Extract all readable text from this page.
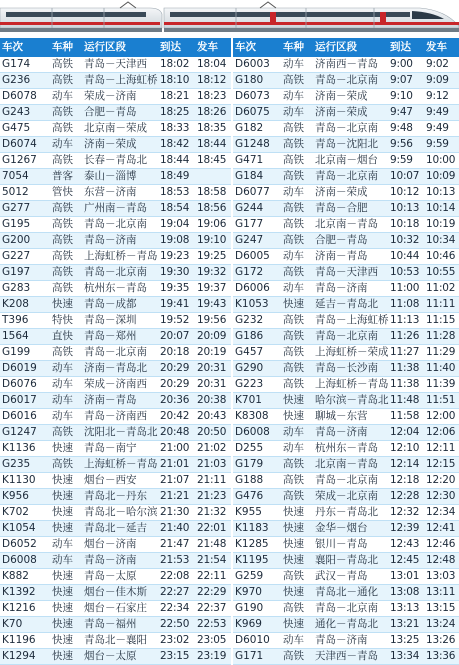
车次	车种	运行区段	到达	发车	车次	车种	运行区段	到达	发车
G174	高铁	青岛－天津西	18:02	18:04	D6003	动车	济南西－青岛	9:00	9:02
G236	高铁	青岛－上海虹桥	18:10	18:12	G180	高铁	青岛－北京南	9:07	9:09
D6078	动车	荣成－济南	18:21	18:23	D6073	动车	济南－荣成	9:10	9:12
G243	高铁	合肥－青岛	18:25	18:26	D6075	动车	济南－荣成	9:47	9:49
G475	高铁	北京南－荣成	18:33	18:35	G182	高铁	青岛－北京南	9:48	9:49
D6074	动车	济南－荣成	18:42	18:44	G1248	高铁	青岛－沈阳北	9:56	9:59
G1267	高铁	长春－青岛北	18:44	18:45	G471	高铁	北京南－烟台	9:59	10:00
7054	普客	泰山－淄博	18:49		G184	高铁	青岛－北京南	10:07	10:09
5012	管快	东营－济南	18:53	18:58	D6077	动车	济南－荣成	10:12	10:13
G277	高铁	广州南－青岛	18:54	18:56	G244	高铁	青岛－合肥	10:13	10:14
G195	高铁	青岛－北京南	19:04	19:06	G177	高铁	北京南－青岛	10:18	10:19
G200	高铁	青岛－济南	19:08	19:10	G247	高铁	合肥－青岛	10:32	10:34
G227	高铁	上海虹桥－青岛	19:23	19:25	D6005	动车	济南－青岛	10:44	10:46
G197	高铁	青岛－北京南	19:30	19:32	G172	高铁	青岛－天津西	10:53	10:55
G283	高铁	杭州东－青岛	19:35	19:37	D6006	动车	青岛－济南	11:00	11:02
K208	快速	青岛－成都	19:41	19:43	K1053	快速	延吉－青岛北	11:08	11:11
T396	特快	青岛－深圳	19:52	19:56	G232	高铁	青岛－上海虹桥	11:13	11:15
1564	直快	青岛－郑州	20:07	20:09	G186	高铁	青岛－北京南	11:26	11:28
G199	高铁	青岛－北京南	20:18	20:19	G457	高铁	上海虹桥－荣成	11:27	11:29
D6019	动车	济南－青岛北	20:29	20:31	G290	高铁	青岛－长沙南	11:38	11:40
D6076	动车	荣成－济南西	20:29	20:31	G223	高铁	上海虹桥－青岛	11:38	11:39
D6017	动车	济南－青岛	20:36	20:38	K701	快速	哈尔滨－青岛北	11:48	11:51
D6016	动车	青岛－济南西	20:42	20:43	K8308	快速	聊城－东营	11:58	12:00
G1247	高铁	沈阳北－青岛北	20:48	20:50	D6008	动车	青岛－济南	12:04	12:06
K1136	快速	青岛－南宁	21:00	21:02	D255	动车	杭州东－青岛	12:10	12:11
G235	高铁	上海虹桥－青岛	21:01	21:03	G179	高铁	北京南－青岛	12:14	12:15
K1130	快速	烟台－西安	21:07	21:11	G188	高铁	青岛－北京南	12:18	12:20
K956	快速	青岛北－丹东	21:21	21:23	G476	高铁	荣成－北京南	12:28	12:30
K702	快速	青岛北－哈尔滨	21:30	21:32	K955	快速	丹东－青岛北	12:32	12:34
K1054	快速	青岛北－延吉	21:40	22:01	K1183	快速	金华－烟台	12:39	12:41
D6052	动车	烟台－济南	21:47	21:48	K1285	快速	银川－青岛	12:43	12:46
D6008	动车	青岛－济南	21:53	21:54	K1195	快速	襄阳－青岛北	12:45	12:48
K882	快速	青岛－太原	22:08	22:11	G259	高铁	武汉－青岛	13:01	13:03
K1392	快速	烟台－佳木斯	22:27	22:29	K970	快速	青岛北－通化	13:08	13:11
K1216	快速	烟台－石家庄	22:34	22:37	G190	高铁	青岛－北京南	13:13	13:15
K70	快速	青岛－福州	22:50	22:53	K969	快速	通化－青岛北	13:21	13:24
K1196	快速	青岛北－襄阳	23:02	23:05	D6010	动车	青岛－济南	13:25	13:26
K1294	快速	烟台－太原	23:15	23:19	G171	高铁	天津西－青岛	13:34	13:36
